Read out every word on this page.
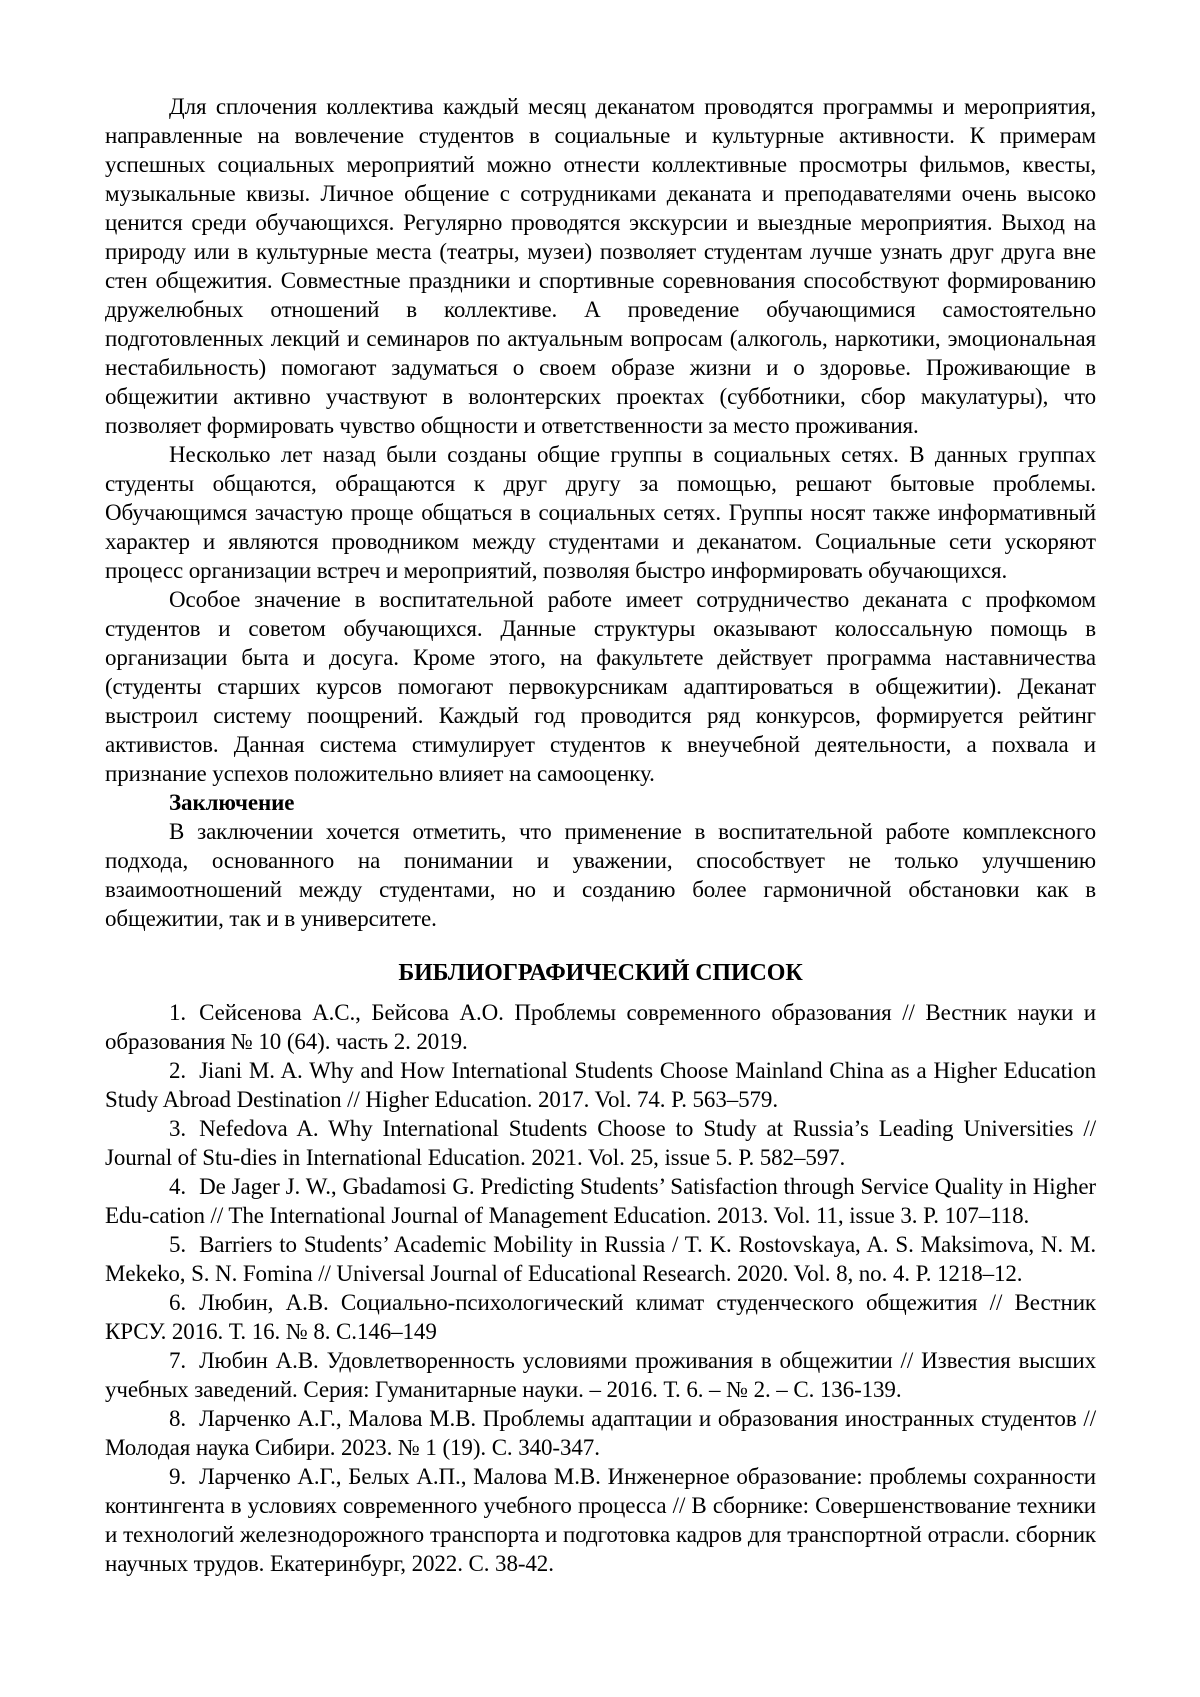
Для сплочения коллектива каждый месяц деканатом проводятся программы и мероприятия, направленные на вовлечение студентов в социальные и культурные активности. К примерам успешных социальных мероприятий можно отнести коллективные просмотры фильмов, квесты, музыкальные квизы. Личное общение с сотрудниками деканата и преподавателями очень высоко ценится среди обучающихся. Регулярно проводятся экскурсии и выездные мероприятия. Выход на природу или в культурные места (театры, музеи) позволяет студентам лучше узнать друг друга вне стен общежития. Совместные праздники и спортивные соревнования способствуют формированию дружелюбных отношений в коллективе. А проведение обучающимися самостоятельно подготовленных лекций и семинаров по актуальным вопросам (алкоголь, наркотики, эмоциональная нестабильность) помогают задуматься о своем образе жизни и о здоровье. Проживающие в общежитии активно участвуют в волонтерских проектах (субботники, сбор макулатуры), что позволяет формировать чувство общности и ответственности за место проживания.

Несколько лет назад были созданы общие группы в социальных сетях. В данных группах студенты общаются, обращаются к друг другу за помощью, решают бытовые проблемы. Обучающимся зачастую проще общаться в социальных сетях. Группы носят также информативный характер и являются проводником между студентами и деканатом. Социальные сети ускоряют процесс организации встреч и мероприятий, позволяя быстро информировать обучающихся.

Особое значение в воспитательной работе имеет сотрудничество деканата с профкомом студентов и советом обучающихся. Данные структуры оказывают колоссальную помощь в организации быта и досуга. Кроме этого, на факультете действует программа наставничества (студенты старших курсов помогают первокурсникам адаптироваться в общежитии). Деканат выстроил систему поощрений. Каждый год проводится ряд конкурсов, формируется рейтинг активистов. Данная система стимулирует студентов к внеучебной деятельности, а похвала и признание успехов положительно влияет на самооценку.

Заключение

В заключении хочется отметить, что применение в воспитательной работе комплексного подхода, основанного на понимании и уважении, способствует не только улучшению взаимоотношений между студентами, но и созданию более гармоничной обстановки как в общежитии, так и в университете.

БИБЛИОГРАФИЧЕСКИЙ СПИСОК

1. Сейсенова А.С., Бейсова А.О. Проблемы современного образования // Вестник науки и образования № 10 (64). часть 2. 2019.

2. Jiani M. A. Why and How International Students Choose Mainland China as a Higher Education Study Abroad Destination // Higher Education. 2017. Vol. 74. P. 563–579.

3. Nefedova A. Why International Students Choose to Study at Russia’s Leading Universities // Journal of Stu-dies in International Education. 2021. Vol. 25, issue 5. P. 582–597.

4. De Jager J. W., Gbadamosi G. Predicting Students’ Satisfaction through Service Quality in Higher Edu-cation // The International Journal of Management Education. 2013. Vol. 11, issue 3. P. 107–118.

5. Barriers to Students’ Academic Mobility in Russia / T. K. Rostovskaya, A. S. Maksimova, N. M. Mekeko, S. N. Fomina // Universal Journal of Educational Research. 2020. Vol. 8, no. 4. P. 1218–12.

6. Любин, А.В. Социально-психологический климат студенческого общежития // Вестник КРСУ. 2016. Т. 16. № 8. С.146–149

7. Любин А.В. Удовлетворенность условиями проживания в общежитии // Известия высших учебных заведений. Серия: Гуманитарные науки. – 2016. Т. 6. – № 2. – С. 136-139.

8. Ларченко А.Г., Малова М.В. Проблемы адаптации и образования иностранных студентов // Молодая наука Сибири. 2023. № 1 (19). С. 340-347.

9. Ларченко А.Г., Белых А.П., Малова М.В. Инженерное образование: проблемы сохранности контингента в условиях современного учебного процесса // В сборнике: Совершенствование техники и технологий железнодорожного транспорта и подготовка кадров для транспортной отрасли. сборник научных трудов. Екатеринбург, 2022. С. 38-42.
